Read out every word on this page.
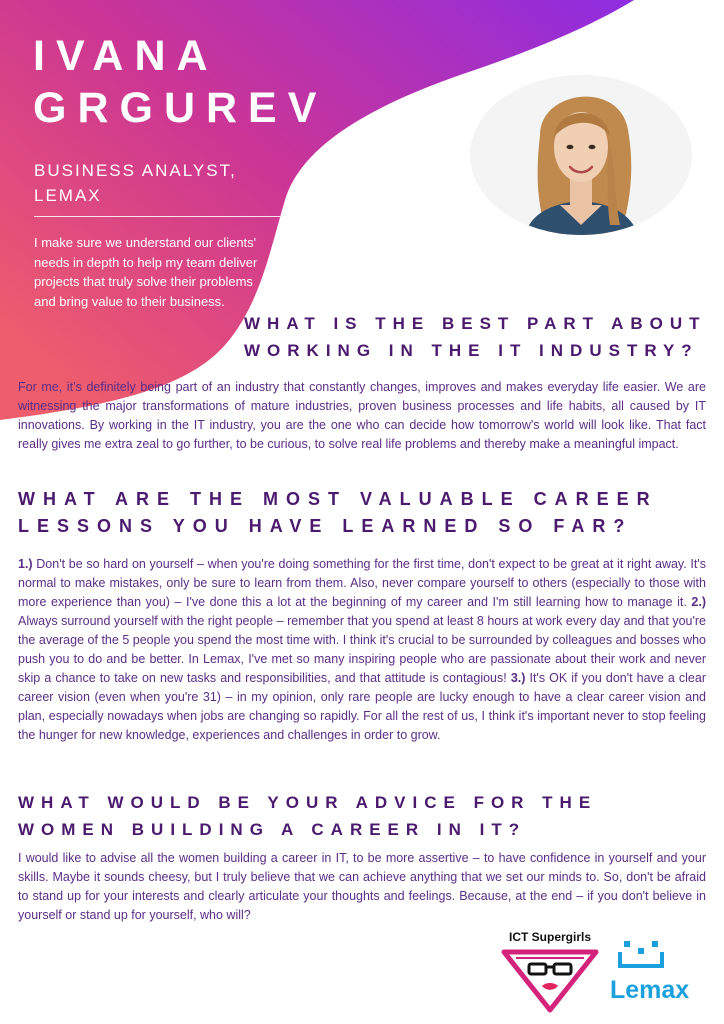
IVANA
GRGUREV

BUSINESS ANALYST,
LEMAX

I make sure we understand our clients' needs in depth to help my team deliver projects that truly solve their problems and bring value to their business.

WHAT IS THE BEST PART ABOUT
WORKING IN THE IT INDUSTRY?

For me, it’s definitely being part of an industry that constantly changes, improves and makes everyday life easier. We are witnessing the major transformations of mature industries, proven business processes and life habits, all caused by IT innovations. By working in the IT industry, you are the one who can decide how tomorrow's world will look like. That fact really gives me extra zeal to go further, to be curious, to solve real life problems and thereby make a meaningful impact.

WHAT ARE THE MOST VALUABLE CAREER
LESSONS YOU HAVE LEARNED SO FAR?

1.) Don't be so hard on yourself – when you're doing something for the first time, don't expect to be great at it right away. It's normal to make mistakes, only be sure to learn from them. Also, never compare yourself to others (especially to those with more experience than you) – I've done this a lot at the beginning of my career and I'm still learning how to manage it. 2.) Always surround yourself with the right people – remember that you spend at least 8 hours at work every day and that you're the average of the 5 people you spend the most time with. I think it's crucial to be surrounded by colleagues and bosses who push you to do and be better. In Lemax, I've met so many inspiring people who are passionate about their work and never skip a chance to take on new tasks and responsibilities, and that attitude is contagious! 3.) It's OK if you don't have a clear career vision (even when you're 31) – in my opinion, only rare people are lucky enough to have a clear career vision and plan, especially nowadays when jobs are changing so rapidly. For all the rest of us, I think it's important never to stop feeling the hunger for new knowledge, experiences and challenges in order to grow.

WHAT WOULD BE YOUR ADVICE FOR THE
WOMEN BUILDING A CAREER IN IT?

I would like to advise all the women building a career in IT, to be more assertive – to have confidence in yourself and your skills. Maybe it sounds cheesy, but I truly believe that we can achieve anything that we set our minds to. So, don't be afraid to stand up for your interests and clearly articulate your thoughts and feelings. Because, at the end – if you don't believe in yourself or stand up for yourself, who will?

ICT Supergirls
Lemax
